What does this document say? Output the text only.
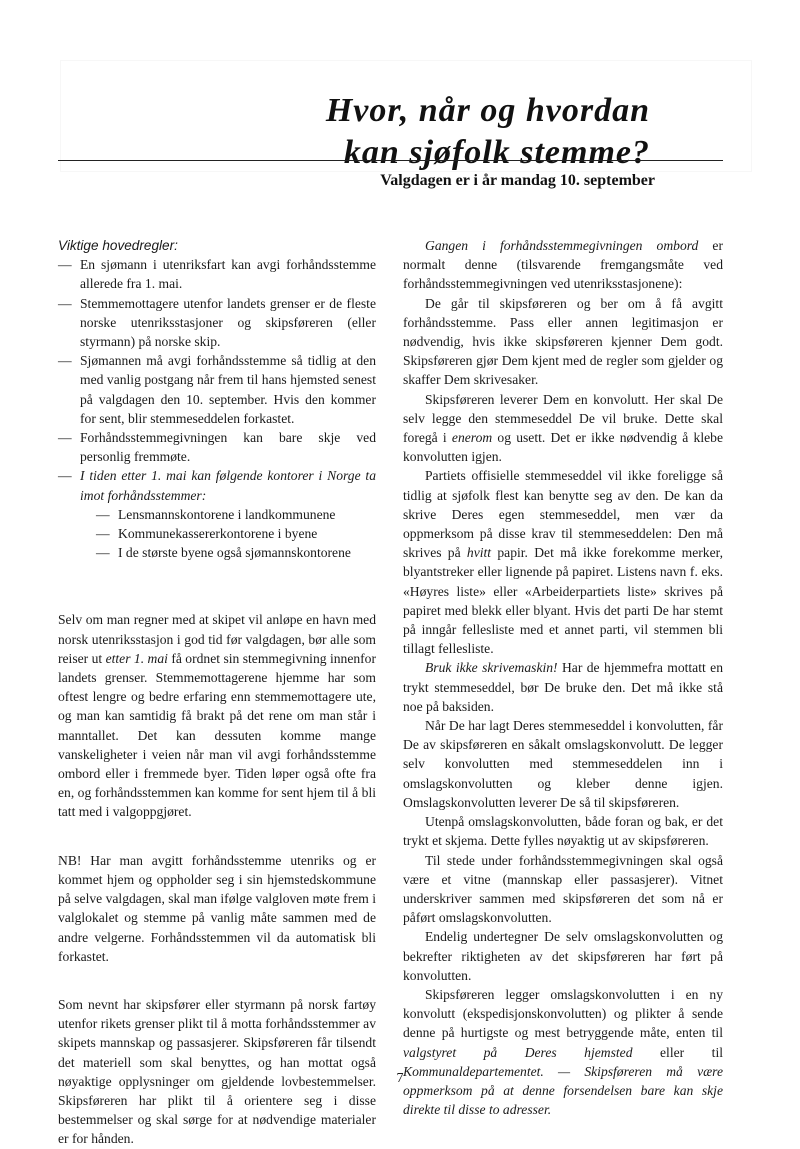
Hvor, når og hvordan
kan sjøfolk stemme?
Valgdagen er i år mandag 10. september

Viktige hovedregler:

— En sjømann i utenriksfart kan avgi forhåndsstemme allerede fra 1. mai.
— Stemmemottagere utenfor landets grenser er de fleste norske utenriksstasjoner og skipsføreren (eller styrmann) på norske skip.
— Sjømannen må avgi forhåndsstemme så tidlig at den med vanlig postgang når frem til hans hjemsted senest på valgdagen den 10. september. Hvis den kommer for sent, blir stemmeseddelen forkastet.
— Forhåndsstemmegivningen kan bare skje ved personlig fremmøte.
— I tiden etter 1. mai kan følgende kontorer i Norge ta imot forhåndsstemmer:
— Lensmannskontorene i landkommunene
— Kommunekassererkontorene i byene
— I de største byene også sjømannskontorene

Selv om man regner med at skipet vil anløpe en havn med norsk utenriksstasjon i god tid før valgdagen, bør alle som reiser ut etter 1. mai få ordnet sin stemmegivning innenfor landets grenser. Stemmemottagerene hjemme har som oftest lengre og bedre erfaring enn stemmemottagere ute, og man kan samtidig få brakt på det rene om man står i manntallet. Det kan dessuten komme mange vanskeligheter i veien når man vil avgi forhåndsstemme ombord eller i fremmede byer. Tiden løper også ofte fra en, og forhåndsstemmen kan komme for sent hjem til å bli tatt med i valgoppgjøret.

NB! Har man avgitt forhåndsstemme utenriks og er kommet hjem og oppholder seg i sin hjemstedskommune på selve valgdagen, skal man ifølge valgloven møte frem i valglokalet og stemme på vanlig måte sammen med de andre velgerne. Forhåndsstemmen vil da automatisk bli forkastet.

Som nevnt har skipsfører eller styrmann på norsk fartøy utenfor rikets grenser plikt til å motta forhåndsstemmer av skipets mannskap og passasjerer. Skipsføreren får tilsendt det materiell som skal benyttes, og han mottat også nøyaktige opplysninger om gjeldende lovbestemmelser. Skipsføreren har plikt til å orientere seg i disse bestemmelser og skal sørge for at nødvendige materialer er for hånden.

Gangen i forhåndsstemmegivningen ombord er normalt denne (tilsvarende fremgangsmåte ved forhåndsstemmegivningen ved utenriksstasjonene):

De går til skipsføreren og ber om å få avgitt forhåndsstemme. Pass eller annen legitimasjon er nødvendig, hvis ikke skipsføreren kjenner Dem godt. Skipsføreren gjør Dem kjent med de regler som gjelder og skaffer Dem skrivesaker.

Skipsføreren leverer Dem en konvolutt. Her skal De selv legge den stemmeseddel De vil bruke. Dette skal foregå i enerom og usett. Det er ikke nødvendig å klebe konvolutten igjen.

Partiets offisielle stemmeseddel vil ikke foreligge så tidlig at sjøfolk flest kan benytte seg av den. De kan da skrive Deres egen stemmeseddel, men vær da oppmerksom på disse krav til stemmeseddelen: Den må skrives på hvitt papir. Det må ikke forekomme merker, blyantstreker eller lignende på papiret. Listens navn f. eks. «Høyres liste» eller «Arbeiderpartiets liste» skrives på papiret med blekk eller blyant. Hvis det parti De har stemt på inngår fellesliste med et annet parti, vil stemmen bli tillagt fellesliste.

Bruk ikke skrivemaskin! Har de hjemmefra mottatt en trykt stemmeseddel, bør De bruke den. Det må ikke stå noe på baksiden.

Når De har lagt Deres stemmeseddel i konvolutten, får De av skipsføreren en såkalt omslagskonvolutt. De legger selv konvolutten med stemmeseddelen inn i omslagskonvolutten og kleber denne igjen. Omslagskonvolutten leverer De så til skipsføreren.

Utenpå omslagskonvolutten, både foran og bak, er det trykt et skjema. Dette fylles nøyaktig ut av skipsføreren.

Til stede under forhåndsstemmegivningen skal også være et vitne (mannskap eller passasjerer). Vitnet underskriver sammen med skipsføreren det som nå er påført omslagskonvolutten.

Endelig undertegner De selv omslagskonvolutten og bekrefter riktigheten av det skipsføreren har ført på konvolutten.

Skipsføreren legger omslagskonvolutten i en ny konvolutt (ekspedisjonskonvolutten) og plikter å sende denne på hurtigste og mest betryggende måte, enten til valgstyret på Deres hjemsted eller til Kommunaldepartementet. — Skipsføreren må være oppmerksom på at denne forsendelsen bare kan skje direkte til disse to adresser.

7
